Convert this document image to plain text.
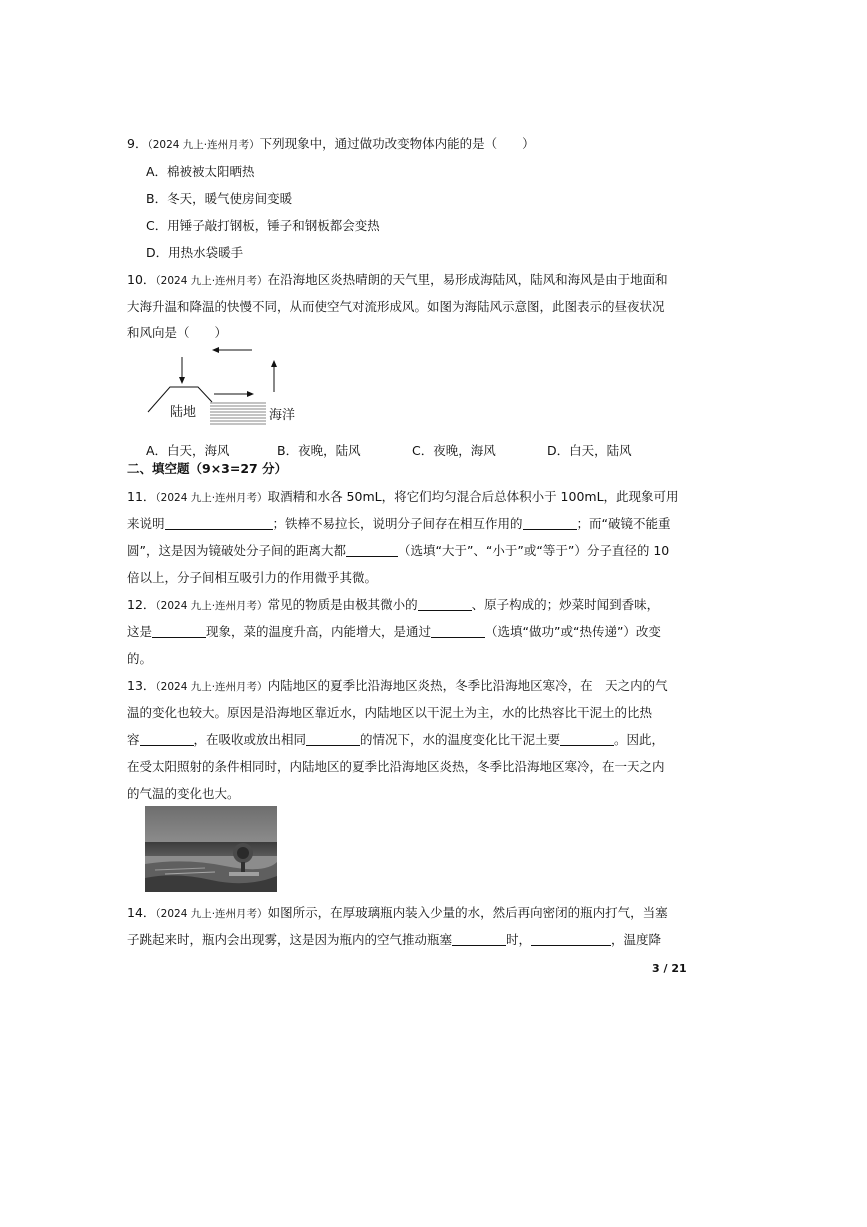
9．（2024 九上·连州月考）下列现象中，通过做功改变物体内能的是（　　）
A．棉被被太阳晒热
B．冬天，暖气使房间变暖
C．用锤子敲打钢板，锤子和钢板都会变热
D．用热水袋暖手
10．（2024 九上·连州月考）在沿海地区炎热晴朗的天气里，易形成海陆风，陆风和海风是由于地面和
大海升温和降温的快慢不同，从而使空气对流形成风。如图为海陆风示意图，此图表示的昼夜状况
和风向是（　　）
陆地	海洋
A．白天，海风	B．夜晚，陆风	C．夜晚，海风	D．白天，陆风
二、填空题（9×3=27 分）
11．（2024 九上·连州月考）取酒精和水各 50mL，将它们均匀混合后总体积小于 100mL，此现象可用
来说明	；铁棒不易拉长，说明分子间存在相互作用的	；而“破镜不能重
圆”，这是因为镜破处分子间的距离大都	（选填“大于”、“小于”或“等于”）分子直径的 10
倍以上，分子间相互吸引力的作用微乎其微。
12．（2024 九上·连州月考）常见的物质是由极其微小的	、原子构成的；炒菜时闻到香味，
这是	现象，菜的温度升高，内能增大，是通过	（选填“做功”或“热传递”）改变
的。
13．（2024 九上·连州月考）内陆地区的夏季比沿海地区炎热，冬季比沿海地区寒冷，在　天之内的气
温的变化也较大。原因是沿海地区靠近水，内陆地区以干泥土为主，水的比热容比干泥土的比热
容	，在吸收或放出相同	的情况下，水的温度变化比干泥土要	。因此，
在受太阳照射的条件相同时，内陆地区的夏季比沿海地区炎热，冬季比沿海地区寒冷，在一天之内
的气温的变化也大。
14．（2024 九上·连州月考）如图所示，在厚玻璃瓶内装入少量的水，然后再向密闭的瓶内打气，当塞
子跳起来时，瓶内会出现雾，这是因为瓶内的空气推动瓶塞	时，	，温度降
3 / 21
